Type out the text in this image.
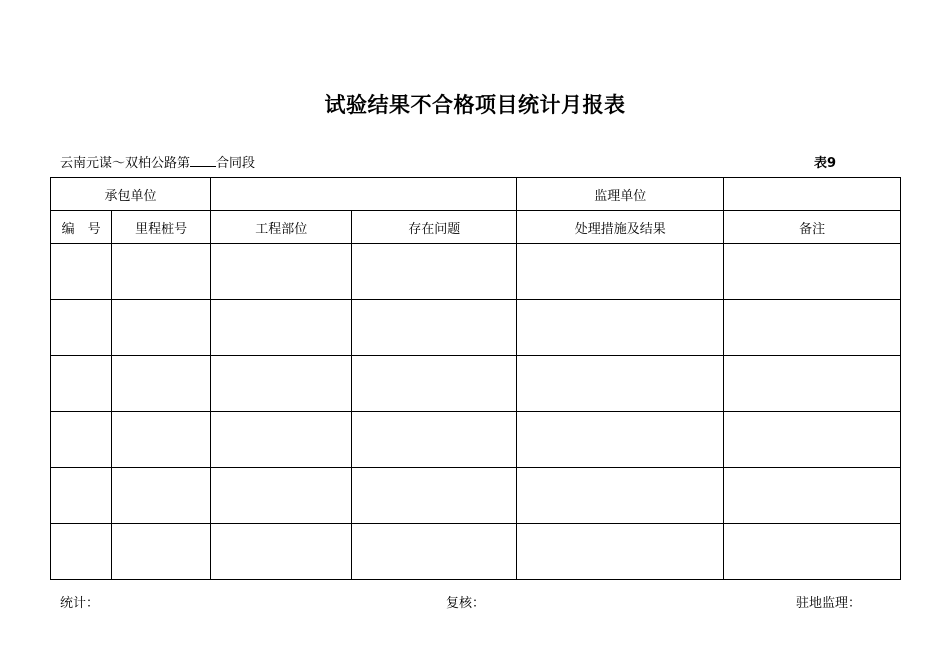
试验结果不合格项目统计月报表
云南元谋～双柏公路第 合同段	表9
承包单位				监理单位	
编　号	里程桩号	工程部位	存在问题	处理措施及结果	备注

统计：	复核：	驻地监理：
